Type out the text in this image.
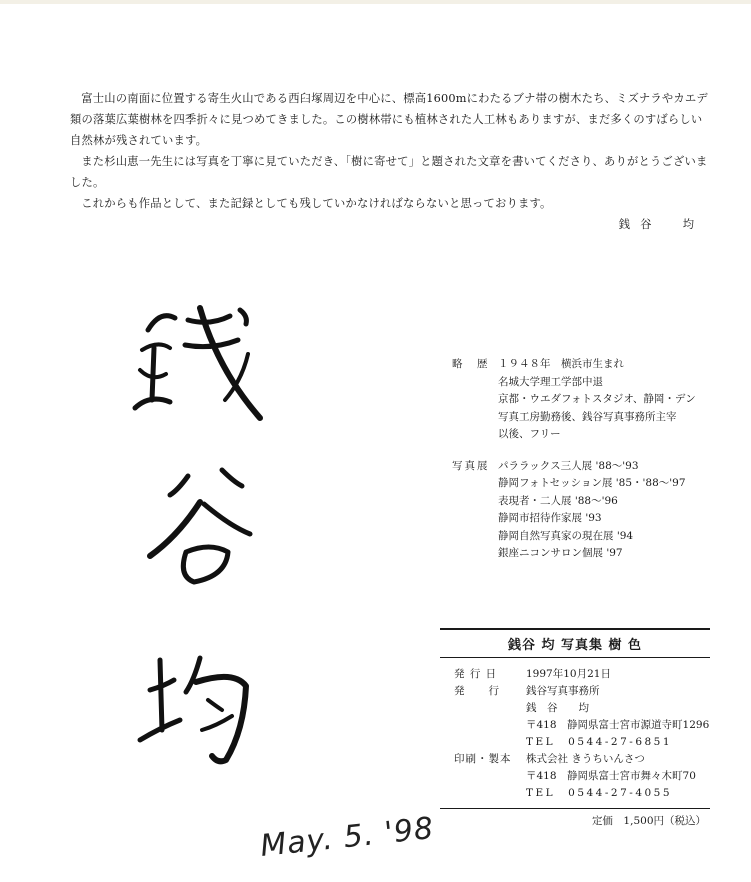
富士山の南面に位置する寄生火山である西臼塚周辺を中心に、標高1600mにわたるブナ帯の樹木たち、ミズナラやカエデ類の落葉広葉樹林を四季折々に見つめてきました。この樹林帯にも植林された人工林もありますが、まだ多くのすばらしい自然林が残されています。

また杉山恵一先生には写真を丁寧に見ていただき、「樹に寄せて」と題された文章を書いてくださり、ありがとうございました。

これからも作品として、また記録としても残していかなければならないと思っております。

銭谷　均

May. 5. '98
略　歴 １９４８年　横浜市生まれ
名城大学理工学部中退
京都・ウエダフォトスタジオ、静岡・デン
写真工房勤務後、銭谷写真事務所主宰
以後、フリー
写真展 パララックス三人展 '88～'93
静岡フォトセッション展 '85・'88～'97
表現者・二人展 '88～'96
静岡市招待作家展 '93
静岡自然写真家の現在展 '94
銀座ニコンサロン個展 '97
銭谷 均 写真集 樹 色
発 行 日	1997年10月21日
発　　行	銭谷写真事務所
銭　谷　　均
〒418　静岡県富士宮市源道寺町1296
TEL　0544-27-6851
印刷・製本	株式会社 きうちいんさつ
〒418　静岡県富士宮市舞々木町70
TEL　0544-27-4055
定価　1,500円（税込）
